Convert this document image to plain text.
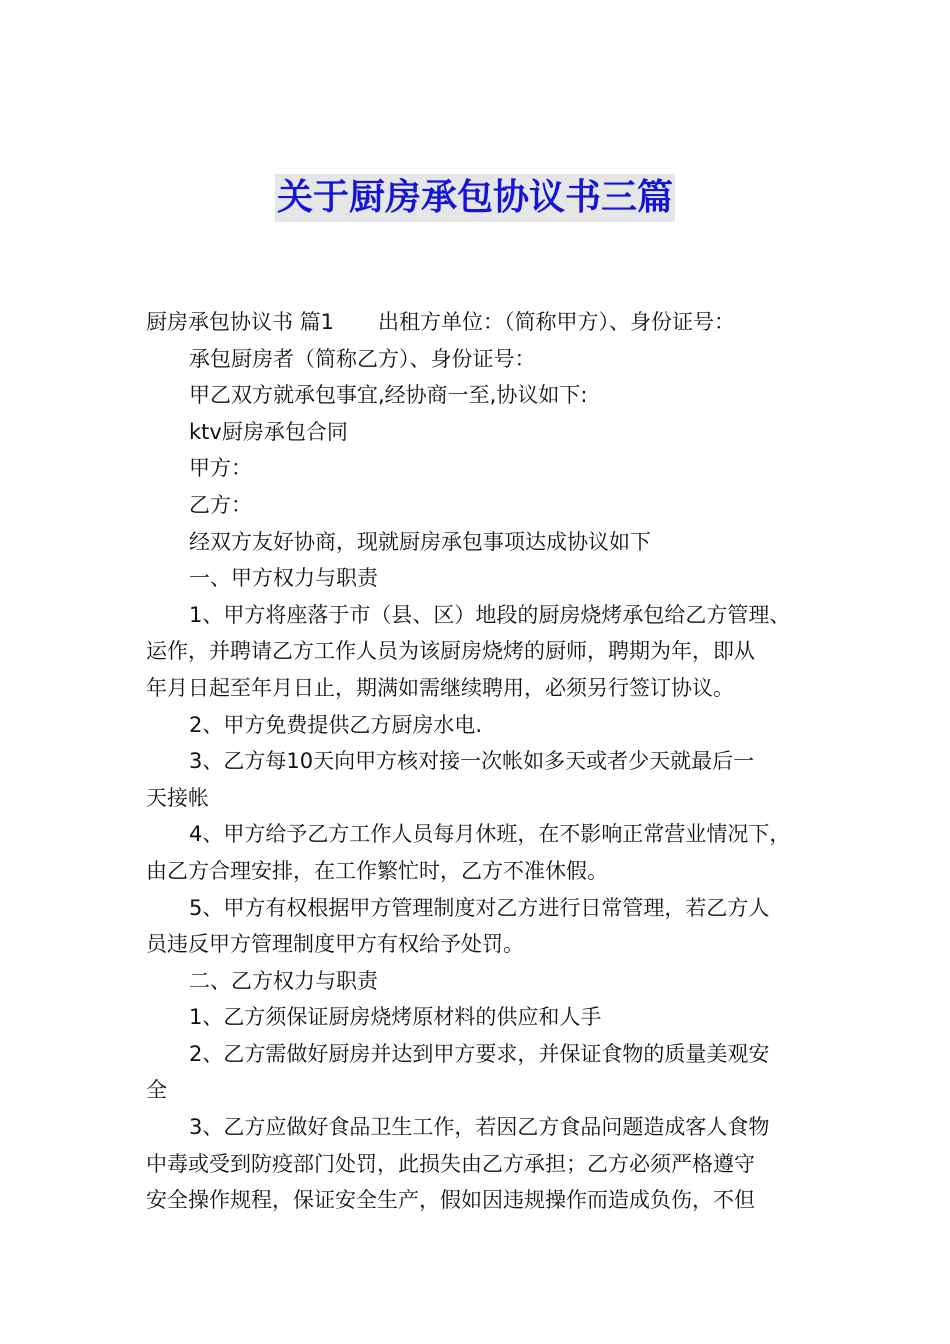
关于厨房承包协议书三篇
厨房承包协议书 篇1 出租方单位：（简称甲方）、身份证号：
承包厨房者（简称乙方）、身份证号：
甲乙双方就承包事宜,经协商一至,协议如下:
ktv厨房承包合同
甲方：
乙方：
经双方友好协商，现就厨房承包事项达成协议如下
一、甲方权力与职责
1、甲方将座落于市（县、区）地段的厨房烧烤承包给乙方管理、
运作，并聘请乙方工作人员为该厨房烧烤的厨师，聘期为年，即从
年月日起至年月日止，期满如需继续聘用，必须另行签订协议。
2、甲方免费提供乙方厨房水电.
3、乙方每10天向甲方核对接一次帐如多天或者少天就最后一
天接帐
4、甲方给予乙方工作人员每月休班，在不影响正常营业情况下，
由乙方合理安排，在工作繁忙时，乙方不准休假。
5、甲方有权根据甲方管理制度对乙方进行日常管理，若乙方人
员违反甲方管理制度甲方有权给予处罚。
二、乙方权力与职责
1、乙方须保证厨房烧烤原材料的供应和人手
2、乙方需做好厨房并达到甲方要求，并保证食物的质量美观安
全
3、乙方应做好食品卫生工作，若因乙方食品问题造成客人食物
中毒或受到防疫部门处罚，此损失由乙方承担；乙方必须严格遵守
安全操作规程，保证安全生产，假如因违规操作而造成负伤，不但
